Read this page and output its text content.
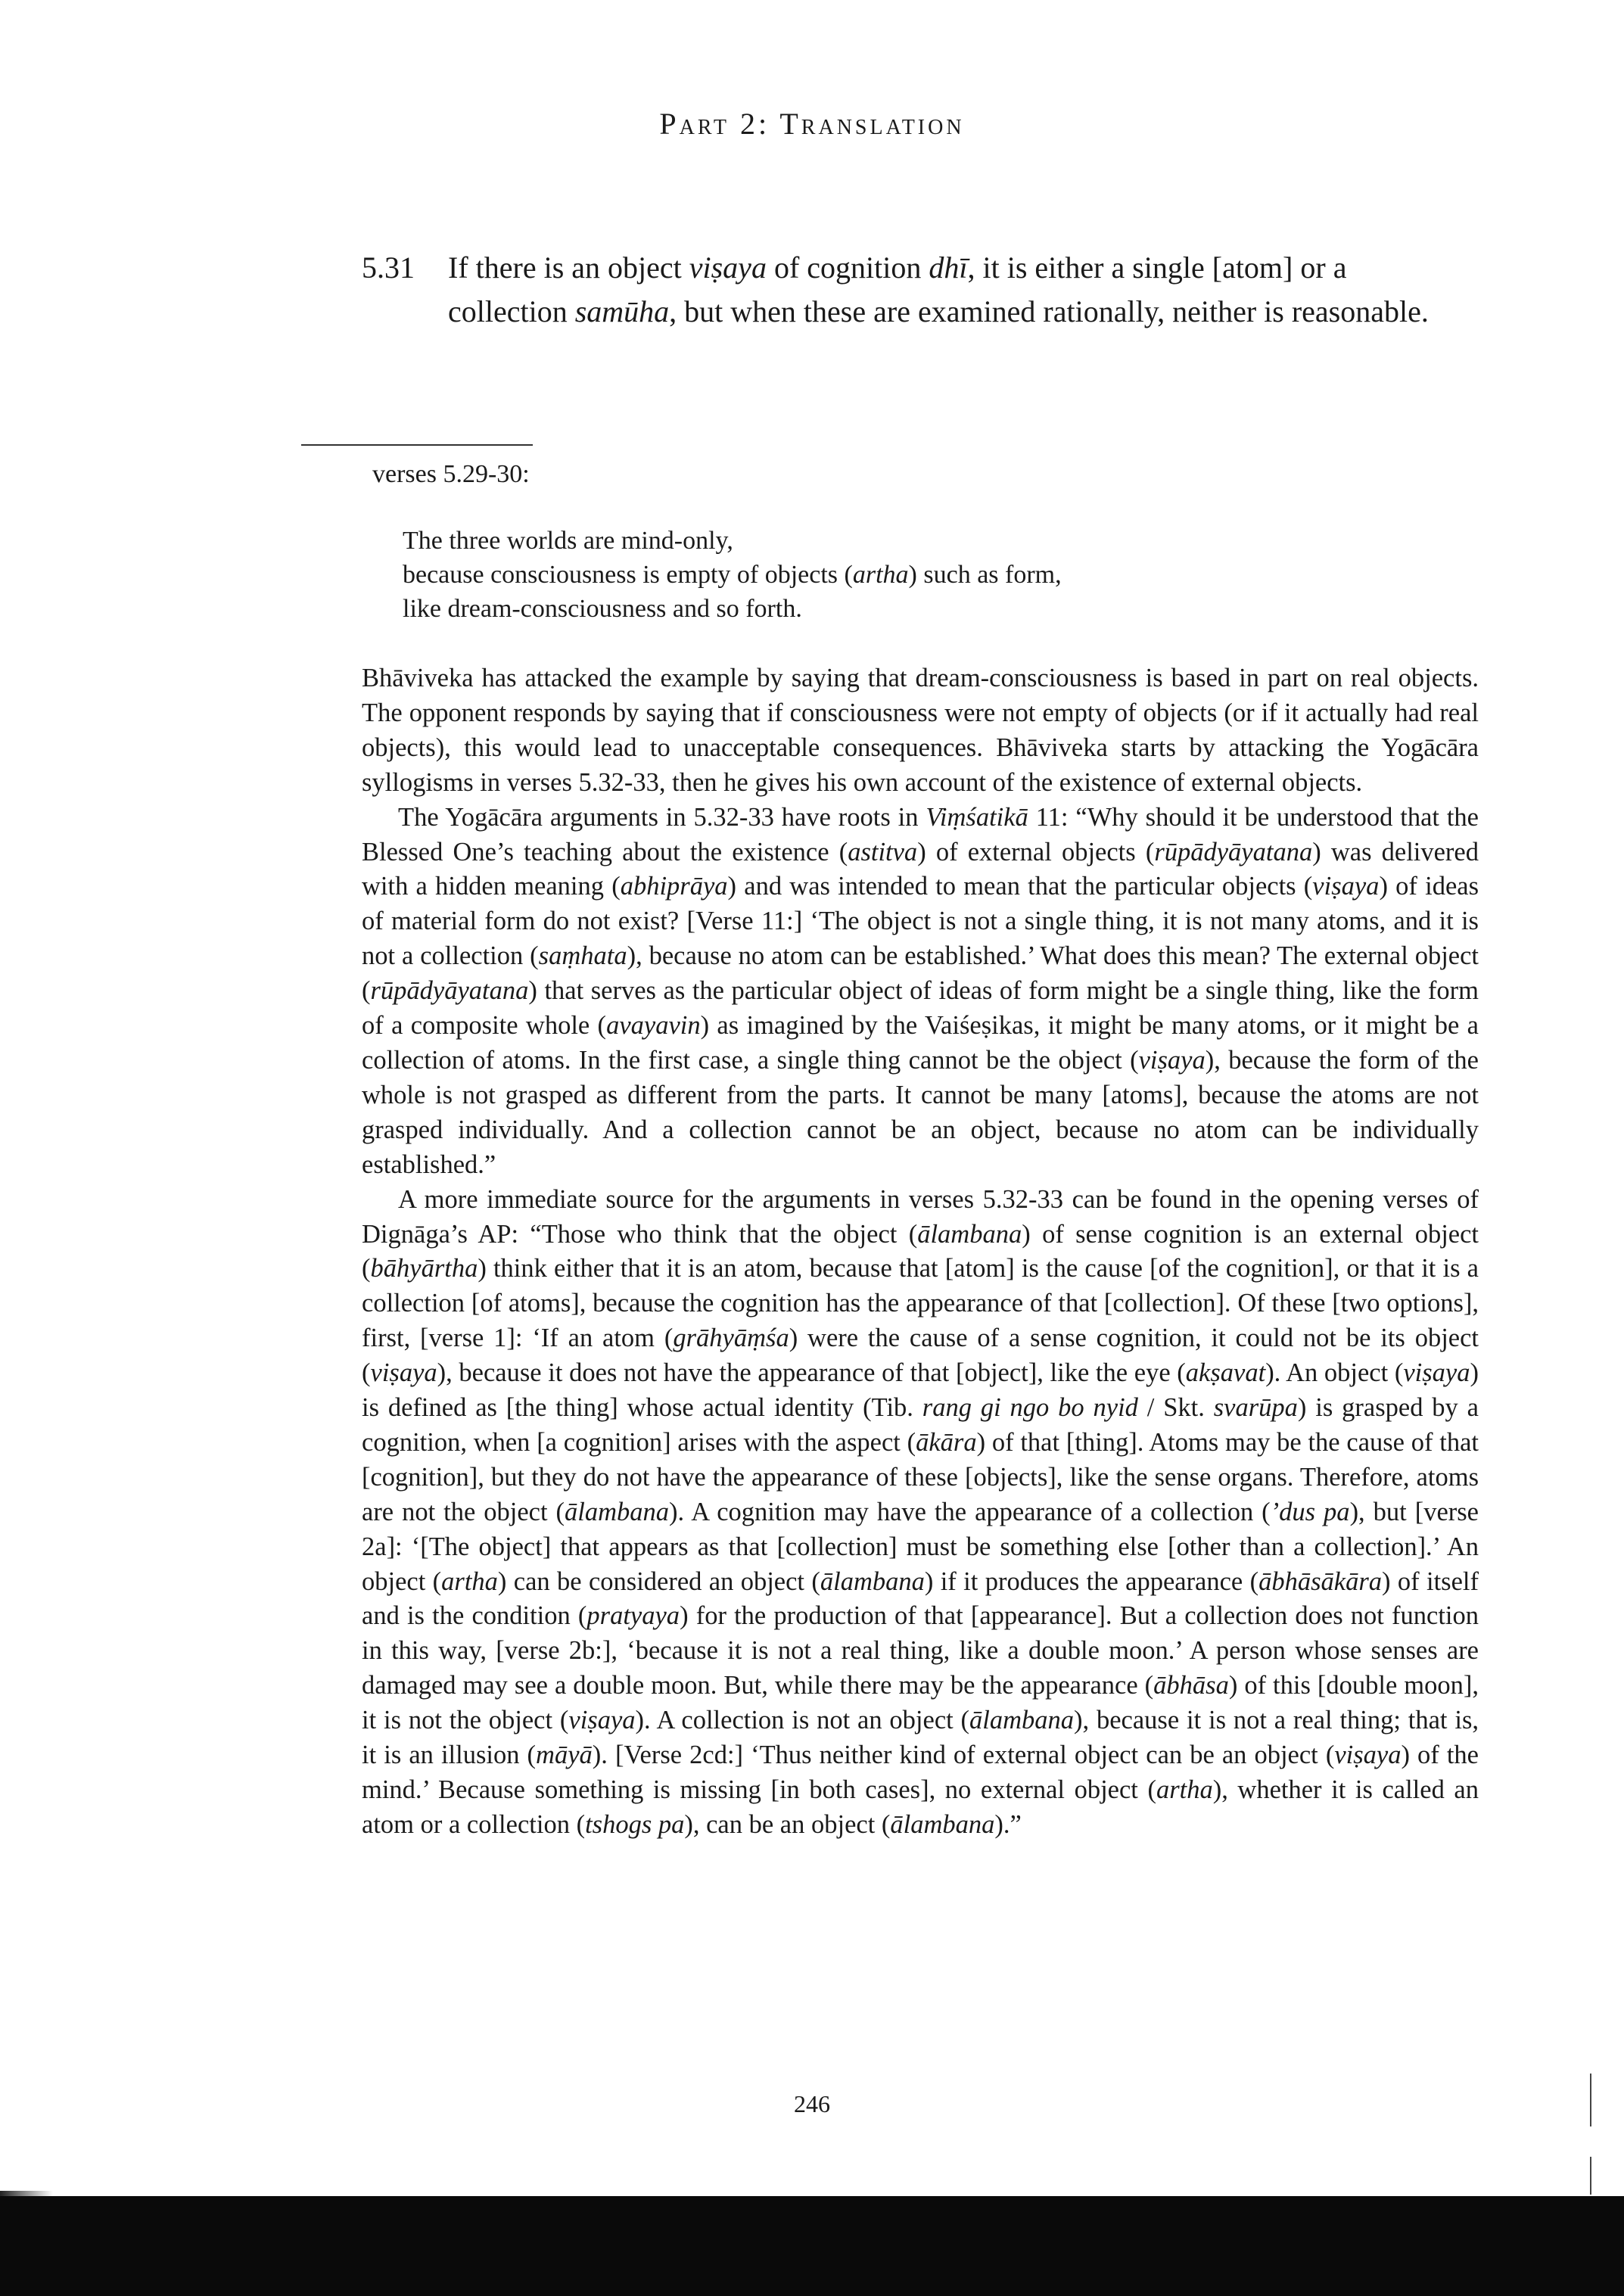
Part 2: Translation
5.31 If there is an object viṣaya of cognition dhī, it is either a single [atom] or a collection samūha, but when these are examined rationally, neither is reasonable.
verses 5.29-30:
The three worlds are mind-only,
because consciousness is empty of objects (artha) such as form,
like dream-consciousness and so forth.

Bhāviveka has attacked the example by saying that dream-consciousness is based in part on real objects. The opponent responds by saying that if consciousness were not empty of objects (or if it actually had real objects), this would lead to unacceptable consequences. Bhāviveka starts by attacking the Yogācāra syllogisms in verses 5.32-33, then he gives his own account of the existence of external objects.

The Yogācāra arguments in 5.32-33 have roots in Viṃśatikā 11: “Why should it be understood that the Blessed One’s teaching about the existence (astitva) of external objects (rūpādyāyatana) was delivered with a hidden meaning (abhiprāya) and was intended to mean that the particular objects (viṣaya) of ideas of material form do not exist? [Verse 11:] ‘The object is not a single thing, it is not many atoms, and it is not a collection (saṃhata), because no atom can be established.’ What does this mean? The external object (rūpādyāyatana) that serves as the particular object of ideas of form might be a single thing, like the form of a composite whole (avayavin) as imagined by the Vaiśeṣikas, it might be many atoms, or it might be a collection of atoms. In the first case, a single thing cannot be the object (viṣaya), because the form of the whole is not grasped as different from the parts. It cannot be many [atoms], because the atoms are not grasped individually. And a collection cannot be an object, because no atom can be individually established.”

A more immediate source for the arguments in verses 5.32-33 can be found in the opening verses of Dignāga’s AP: “Those who think that the object (ālambana) of sense cognition is an external object (bāhyārtha) think either that it is an atom, because that [atom] is the cause [of the cognition], or that it is a collection [of atoms], because the cognition has the appearance of that [collection]. Of these [two options], first, [verse 1]: ‘If an atom (grāhyāṃśa) were the cause of a sense cognition, it could not be its object (viṣaya), because it does not have the appearance of that [object], like the eye (akṣavat). An object (viṣaya) is defined as [the thing] whose actual identity (Tib. rang gi ngo bo nyid / Skt. svarūpa) is grasped by a cognition, when [a cognition] arises with the aspect (ākāra) of that [thing]. Atoms may be the cause of that [cognition], but they do not have the appearance of these [objects], like the sense organs. Therefore, atoms are not the object (ālambana). A cognition may have the appearance of a collection (’dus pa), but [verse 2a]: ‘[The object] that appears as that [collection] must be something else [other than a collection].’ An object (artha) can be considered an object (ālambana) if it produces the appearance (ābhāsākāra) of itself and is the condition (pratyaya) for the production of that [appearance]. But a collection does not function in this way, [verse 2b:], ‘because it is not a real thing, like a double moon.’ A person whose senses are damaged may see a double moon. But, while there may be the appearance (ābhāsa) of this [double moon], it is not the object (viṣaya). A collection is not an object (ālambana), because it is not a real thing; that is, it is an illusion (māyā). [Verse 2cd:] ‘Thus neither kind of external object can be an object (viṣaya) of the mind.’ Because something is missing [in both cases], no external object (artha), whether it is called an atom or a collection (tshogs pa), can be an object (ālambana).”

246
